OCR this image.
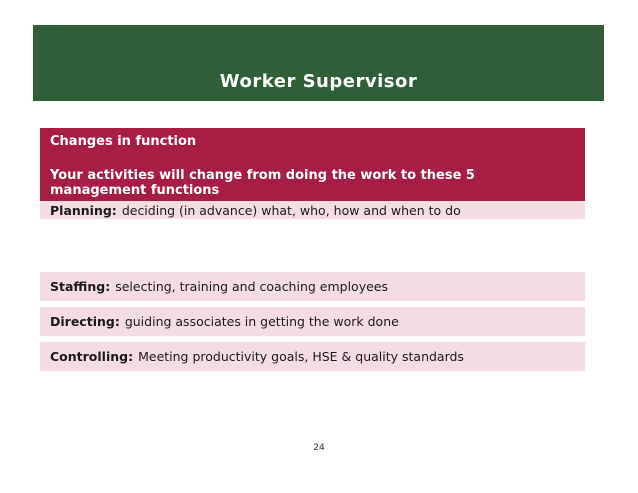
Worker Supervisor
Changes in function
Your activities will change from doing the work to these 5 management functions
Planning: deciding (in advance) what, who, how and when to do
Staffing: selecting, training and coaching employees
Directing: guiding associates in getting the work done
Controlling: Meeting productivity goals, HSE & quality standards
24
